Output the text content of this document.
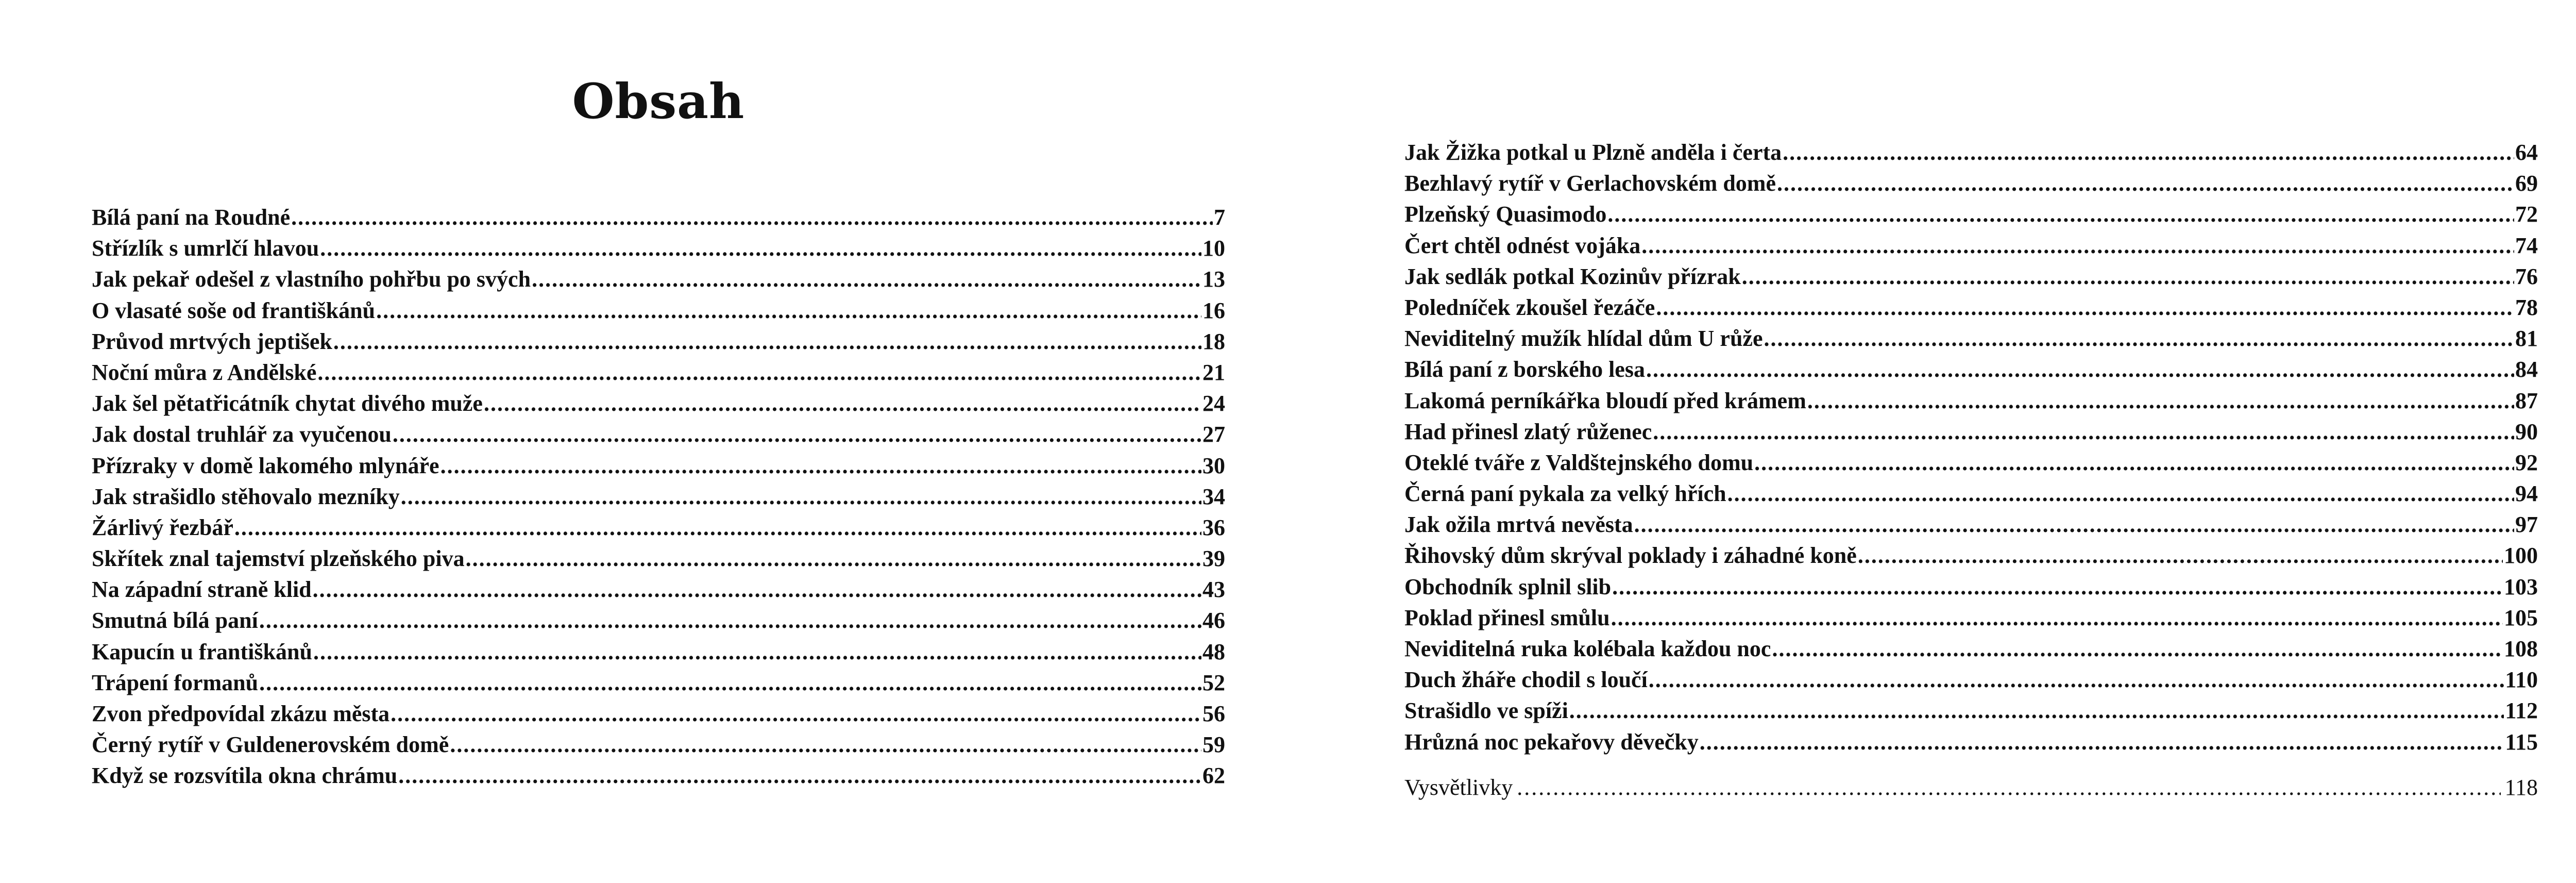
Obsah
Bílá paní na Roudné .....	7
Střízlík s umrlčí hlavou .....	10
Jak pekař odešel z vlastního pohřbu po svých .....	13
O vlasaté soše od františkánů .....	16
Průvod mrtvých jeptišek .....	18
Noční můra z Andělské .....	21
Jak šel pětatřicátník chytat divého muže .....	24
Jak dostal truhlář za vyučenou .....	27
Přízraky v domě lakomého mlynáře .....	30
Jak strašidlo stěhovalo mezníky .....	34
Žárlivý řezbář .....	36
Skřítek znal tajemství plzeňského piva .....	39
Na západní straně klid .....	43
Smutná bílá paní .....	46
Kapucín u františkánů .....	48
Trápení formanů .....	52
Zvon předpovídal zkázu města .....	56
Černý rytíř v Guldenerovském domě .....	59
Když se rozsvítila okna chrámu .....	62
Jak Žižka potkal u Plzně anděla i čerta .....	64
Bezhlavý rytíř v Gerlachovském domě .....	69
Plzeňský Quasimodo .....	72
Čert chtěl odnést vojáka .....	74
Jak sedlák potkal Kozinův přízrak .....	76
Poledníček zkoušel řezáče .....	78
Neviditelný mužík hlídal dům U růže .....	81
Bílá paní z borského lesa .....	84
Lakomá perníkářka bloudí před krámem .....	87
Had přinesl zlatý růženec .....	90
Oteklé tváře z Valdštejnského domu .....	92
Černá paní pykala za velký hřích .....	94
Jak ožila mrtvá nevěsta .....	97
Řihovský dům skrýval poklady i záhadné koně .....	100
Obchodník splnil slib .....	103
Poklad přinesl smůlu .....	105
Neviditelná ruka kolébala každou noc .....	108
Duch žháře chodil s loučí .....	110
Strašidlo ve spíži .....	112
Hrůzná noc pekařovy děvečky .....	115
Vysvětlivky .....	118
